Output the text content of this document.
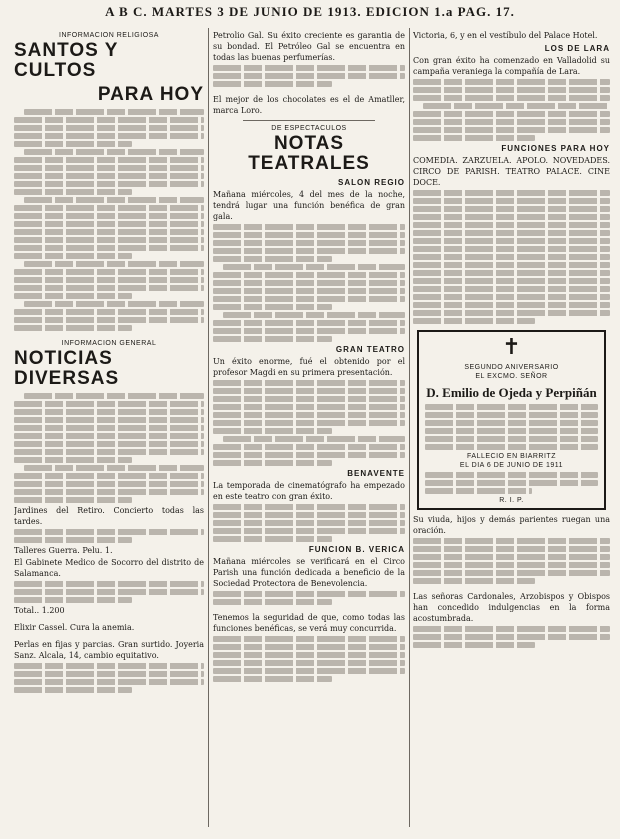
A B C. MARTES 3 DE JUNIO DE 1913. EDICION 1.a PAG. 17.
INFORMACION RELIGIOSA
SANTOS Y CULTOS
PARA HOY
INFORMACION GENERAL
NOTICIAS DIVERSAS
Jardines del Retiro. Concierto todas las tardes.
Talleres Guerra. Pelu. 1.
El Gabinete Medico de Socorro del distrito de Salamanca.
Total.. 1.200
Elixir Cassel. Cura la anemia.
Perlas en fijas y parcias. Gran surtido. Joyeria Sanz. Alcala, 14, cambio equitativo.
Petrolio Gal. Su éxito creciente es garantia de su bondad. El Petróleo Gal se encuentra en todas las buenas perfumerías.
El mejor de los chocolates es el de Amatller, marca Loro.
DE ESPECTACULOS
NOTAS TEATRALES
SALON REGIO
Mañana miércoles, 4 del mes de la noche, tendrá lugar una función benéfica de gran gala.
GRAN TEATRO
Un éxito enorme, fué el obtenido por el profesor Magdi en su primera presentación.
BENAVENTE
La temporada de cinematógrafo ha empezado en este teatro con gran éxito.
FUNCION B. VERICA
Mañana miércoles se verificará en el Circo Parish una función dedicada a beneficio de la Sociedad Protectora de Benevolencia.
Tenemos la seguridad de que, como todas las funciones benéficas, se verá muy concurrida.
Victoria, 6, y en el vestíbulo del Palace Hotel.
LOS DE LARA
Con gran éxito ha comenzado en Valladolid su campaña veraniega la compañía de Lara.
FUNCIONES PARA HOY
COMEDIA. ZARZUELA. APOLO. NOVEDADES. CIRCO DE PARISH. TEATRO PALACE. CINE DOCE.
✝
SEGUNDO ANIVERSARIO
EL EXCMO. SEÑOR
D. Emilio de Ojeda y Perpiñán
FALLECIO EN BIARRITZ
EL DIA 6 DE JUNIO DE 1911
R. I. P.
Su viuda, hijos y demás parientes ruegan una oración.
Las señoras Cardonales, Arzobispos y Obispos han concedido indulgencias en la forma acostumbrada.
